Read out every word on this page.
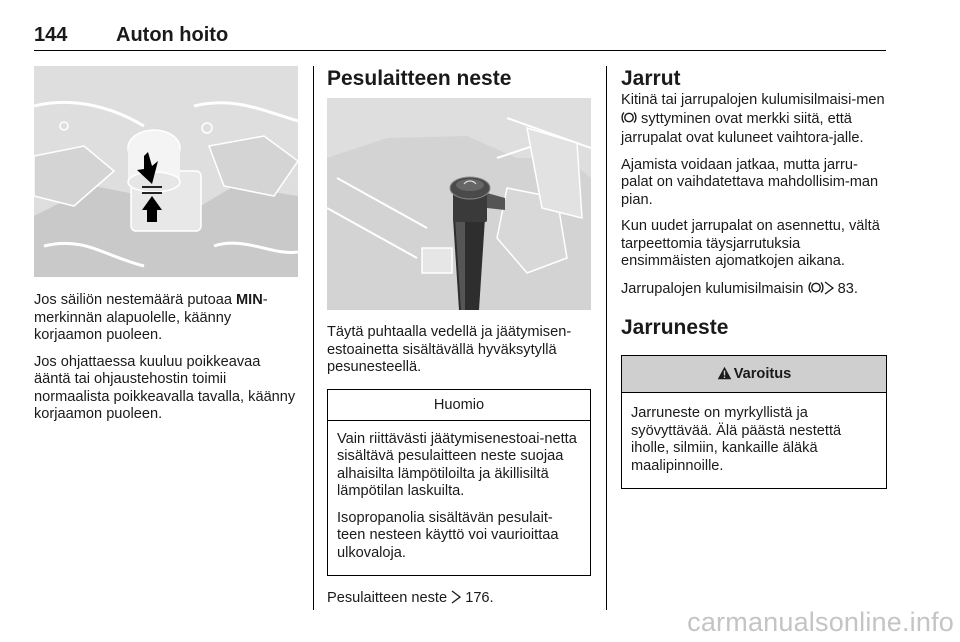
144 Auton hoito

Jos säiliön nestemäärä putoaa MIN-merkinnän alapuolelle, käänny korjaamon puoleen.

Jos ohjattaessa kuuluu poikkeavaa ääntä tai ohjaustehostin toimii normaalista poikkeavalla tavalla, käänny korjaamon puoleen.

Pesulaitteen neste

Täytä puhtaalla vedellä ja jäätymisen-estoainetta sisältävällä hyväksytyllä pesunesteellä.

Huomio

Vain riittävästi jäätymisenestoai-netta sisältävä pesulaitteen neste suojaa alhaisilta lämpötiloilta ja äkillisiltä lämpötilan laskuilta.

Isopropanolia sisältävän pesulait-teen nesteen käyttö voi vaurioittaa ulkovaloja.

Pesulaitteen neste  176.

Jarrut

Kitinä tai jarrupalojen kulumisilmaisi-men  syttyminen ovat merkki siitä, että jarrupalat ovat kuluneet vaihtora-jalle.

Ajamista voidaan jatkaa, mutta jarru-palat on vaihdatettava mahdollisim-man pian.

Kun uudet jarrupalat on asennettu, vältä tarpeettomia täysjarrutuksia ensimmäisten ajomatkojen aikana.

Jarrupalojen kulumisilmaisin  83.

Jarruneste
Varoitus

Jarruneste on myrkyllistä ja syövyttävää. Älä päästä nestettä iholle, silmiin, kankaille äläkä maalipinnoille.

carmanualsonline.info
